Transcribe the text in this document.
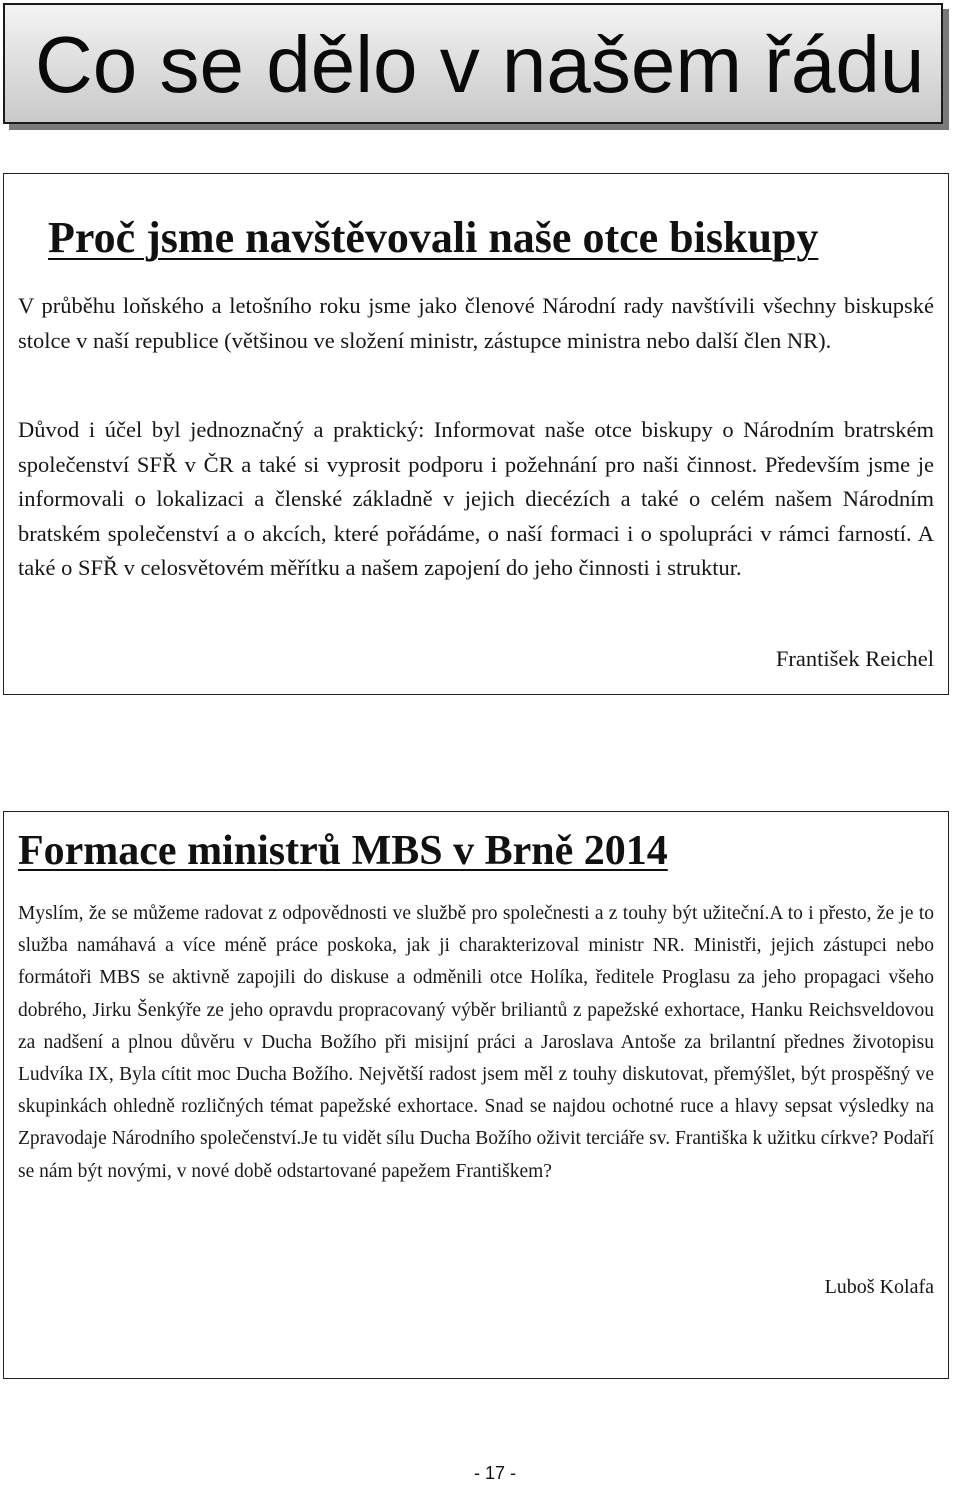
Co se dělo v našem řádu
Proč jsme navštěvovali naše otce biskupy
V průběhu loňského a letošního roku jsme jako členové Národní rady navštívili všechny biskupské stolce v naší republice (většinou ve složení ministr, zástupce ministra nebo další člen NR).
Důvod i účel byl jednoznačný a praktický: Informovat naše otce biskupy o Národním bratrském společenství SFŘ v ČR a také si vyprosit podporu i požehnání pro naši činnost. Především jsme je informovali o lokalizaci a členské základně v jejich diecézích a také o celém našem Národním bratském společenství a o akcích, které pořádáme, o naší formaci i o spolupráci v rámci farností. A také o SFŘ v celosvětovém měřítku a našem zapojení do jeho činnosti i struktur.
František Reichel
Formace ministrů MBS v Brně 2014
Myslím, že se můžeme radovat z odpovědnosti ve službě pro společnesti a z touhy být užiteční.A to i přesto, že je to služba namáhavá a více méně práce poskoka, jak ji charakterizoval ministr NR. Ministři, jejich zástupci nebo formátoři MBS se aktivně zapojili do diskuse a odměnili otce Holíka, ředitele Proglasu za jeho propagaci všeho dobrého, Jirku Šenkýře ze jeho opravdu propracovaný výběr briliantů z papežské exhortace, Hanku Reichsveldovou za nadšení a plnou důvěru v Ducha Božího při misijní práci a Jaroslava Antoše za brilantní přednes životopisu Ludvíka IX, Byla cítit moc Ducha Božího. Největší radost jsem měl z touhy diskutovat, přemýšlet, být prospěšný ve skupinkách ohledně rozličných témat papežské exhortace. Snad se najdou ochotné ruce a hlavy sepsat výsledky na Zpravodaje Národního společenství.Je tu vidět sílu Ducha Božího oživit terciáře sv. Františka k užitku církve? Podaří se nám být novými, v nové době odstartované papežem Františkem?
Luboš Kolafa
- 17 -
